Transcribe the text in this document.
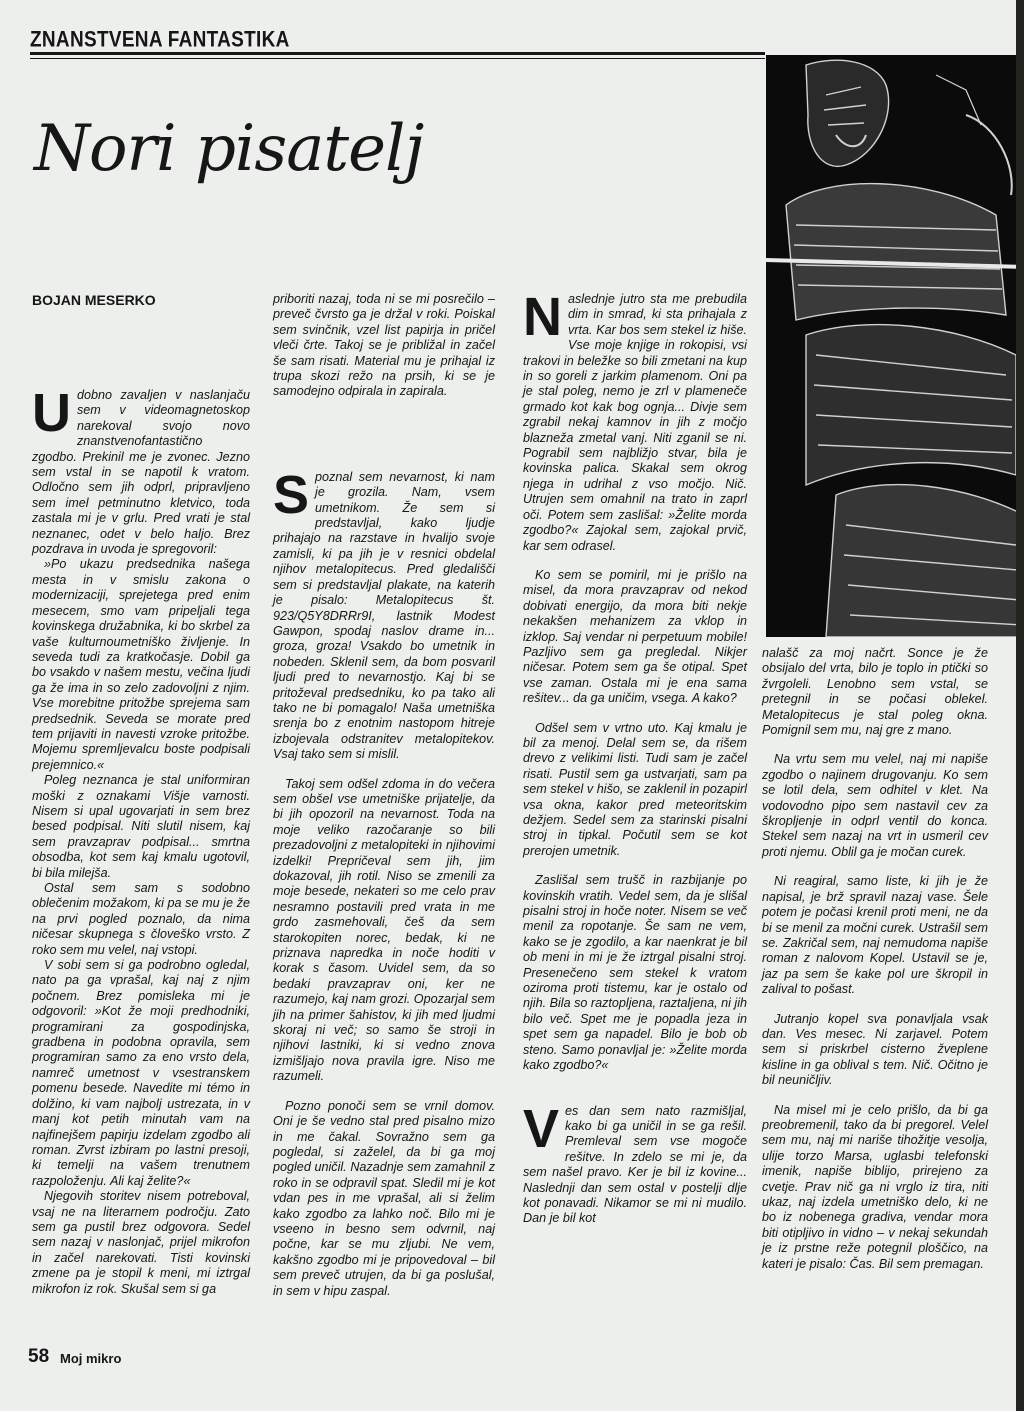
ZNANSTVENA FANTASTIKA
Nori pisatelj
BOJAN MESERKO

Udobno zavaljen v naslanjaču sem v videomagnetoskop narekoval svojo novo znanstvenofantastično zgodbo. Prekinil me je zvonec. Jezno sem vstal in se napotil k vratom. Odločno sem jih odprl, pripravljeno sem imel petminutno kletvico, toda zastala mi je v grlu. Pred vrati je stal neznanec, odet v belo haljo. Brez pozdrava in uvoda je spregovoril:

»Po ukazu predsednika našega mesta in v smislu zakona o modernizaciji, sprejetega pred enim mesecem, smo vam pripeljali tega kovinskega družabnika, ki bo skrbel za vaše kulturnoumetniško življenje. In seveda tudi za kratkočasje. Dobil ga bo vsakdo v našem mestu, večina ljudi ga že ima in so zelo zadovoljni z njim. Vse morebitne pritožbe sprejema sam predsednik. Seveda se morate pred tem prijaviti in navesti vzroke pritožbe. Mojemu spremljevalcu boste podpisali prejemnico.«

Poleg neznanca je stal uniformiran moški z oznakami Višje varnosti. Nisem si upal ugovarjati in sem brez besed podpisal. Niti slutil nisem, kaj sem pravzaprav podpisal... smrtna obsodba, kot sem kaj kmalu ugotovil, bi bila milejša.

Ostal sem sam s sodobno oblečenim možakom, ki pa se mu je že na prvi pogled poznalo, da nima ničesar skupnega s človeško vrsto. Z roko sem mu velel, naj vstopi.

V sobi sem si ga podrobno ogledal, nato pa ga vprašal, kaj naj z njim počnem. Brez pomisleka mi je odgovoril: »Kot že moji predhodniki, programirani za gospodinjska, gradbena in podobna opravila, sem programiran samo za eno vrsto dela, namreč umetnost v vsestranskem pomenu besede. Navedite mi témo in dolžino, ki vam najbolj ustrezata, in v manj kot petih minutah vam na najfinejšem papirju izdelam zgodbo ali roman. Zvrst izbiram po lastni presoji, ki temelji na vašem trenutnem razpoloženju. Ali kaj želite?«

Njegovih storitev nisem potreboval, vsaj ne na literarnem področju. Zato sem ga pustil brez odgovora. Sedel sem nazaj v naslonjač, prijel mikrofon in začel narekovati. Tisti kovinski zmene pa je stopil k meni, mi iztrgal mikrofon iz rok. Skušal sem si ga

priboriti nazaj, toda ni se mi posrečilo – preveč čvrsto ga je držal v roki. Poiskal sem svinčnik, vzel list papirja in pričel vleči črte. Takoj se je približal in začel še sam risati. Material mu je prihajal iz trupa skozi režo na prsih, ki se je samodejno odpirala in zapirala.

Spoznal sem nevarnost, ki nam je grozila. Nam, vsem umetnikom. Že sem si predstavljal, kako ljudje prihajajo na razstave in hvalijo svoje zamisli, ki pa jih je v resnici obdelal njihov metalopitecus. Pred gledališči sem si predstavljal plakate, na katerih je pisalo: Metalopitecus št. 923/Q5Y8DRRr9I, lastnik Modest Gawpon, spodaj naslov drame in... groza, groza! Vsakdo bo umetnik in nobeden. Sklenil sem, da bom posvaril ljudi pred to nevarnostjo. Kaj bi se pritoževal predsedniku, ko pa tako ali tako ne bi pomagalo! Naša umetniška srenja bo z enotnim nastopom hitreje izbojevala odstranitev metalopitekov. Vsaj tako sem si mislil.

Takoj sem odšel zdoma in do večera sem obšel vse umetniške prijatelje, da bi jih opozoril na nevarnost. Toda na moje veliko razočaranje so bili prezadovoljni z metalopiteki in njihovimi izdelki! Prepričeval sem jih, jim dokazoval, jih rotil. Niso se zmenili za moje besede, nekateri so me celo prav nesramno postavili pred vrata in me grdo zasmehovali, češ da sem starokopiten norec, bedak, ki ne priznava napredka in noče hoditi v korak s časom. Uvidel sem, da so bedaki pravzaprav oni, ker ne razumejo, kaj nam grozi. Opozarjal sem jih na primer šahistov, ki jih med ljudmi skoraj ni več; so samo še stroji in njihovi lastniki, ki si vedno znova izmišljajo nova pravila igre. Niso me razumeli.

Pozno ponoči sem se vrnil domov. Oni je še vedno stal pred pisalno mizo in me čakal. Sovražno sem ga pogledal, si zaželel, da bi ga moj pogled uničil. Nazadnje sem zamahnil z roko in se odpravil spat. Sledil mi je kot vdan pes in me vprašal, ali si želim kako zgodbo za lahko noč. Bilo mi je vseeno in besno sem odvrnil, naj počne, kar se mu zljubi. Ne vem, kakšno zgodbo mi je pripovedoval – bil sem preveč utrujen, da bi ga poslušal, in sem v hipu zaspal.

Naslednje jutro sta me prebudila dim in smrad, ki sta prihajala z vrta. Kar bos sem stekel iz hiše. Vse moje knjige in rokopisi, vsi trakovi in beležke so bili zmetani na kup in so goreli z jarkim plamenom. Oni pa je stal poleg, nemo je zrl v plameneče grmado kot kak bog ognja... Divje sem zgrabil nekaj kamnov in jih z močjo blazneža zmetal vanj. Niti zganil se ni. Pograbil sem najbližjo stvar, bila je kovinska palica. Skakal sem okrog njega in udrihal z vso močjo. Nič. Utrujen sem omahnil na trato in zaprl oči. Potem sem zaslišal: »Želite morda zgodbo?« Zajokal sem, zajokal prvič, kar sem odrasel.

Ko sem se pomiril, mi je prišlo na misel, da mora pravzaprav od nekod dobivati energijo, da mora biti nekje nekakšen mehanizem za vklop in izklop. Saj vendar ni perpetuum mobile! Pazljivo sem ga pregledal. Nikjer ničesar. Potem sem ga še otipal. Spet vse zaman. Ostala mi je ena sama rešitev... da ga uničim, vsega. A kako?

Odšel sem v vrtno uto. Kaj kmalu je bil za menoj. Delal sem se, da rišem drevo z velikimi listi. Tudi sam je začel risati. Pustil sem ga ustvarjati, sam pa sem stekel v hišo, se zaklenil in pozapirl vsa okna, kakor pred meteoritskim dežjem. Sedel sem za starinski pisalni stroj in tipkal. Počutil sem se kot prerojen umetnik.

Zaslišal sem trušč in razbijanje po kovinskih vratih. Vedel sem, da je slišal pisalni stroj in hoče noter. Nisem se več menil za ropotanje. Še sam ne vem, kako se je zgodilo, a kar naenkrat je bil ob meni in mi je že iztrgal pisalni stroj. Presenečeno sem stekel k vratom oziroma proti tistemu, kar je ostalo od njih. Bila so raztopljena, raztaljena, ni jih bilo več. Spet me je popadla jeza in spet sem ga napadel. Bilo je bob ob steno. Samo ponavljal je: »Želite morda kako zgodbo?«

Ves dan sem nato razmišljal, kako bi ga uničil in se ga rešil. Premleval sem vse mogoče rešitve. In zdelo se mi je, da sem našel pravo. Ker je bil iz kovine... Naslednji dan sem ostal v postelji dlje kot ponavadi. Nikamor se mi ni mudilo. Dan je bil kot

nalašč za moj načrt. Sonce je že obsijalo del vrta, bilo je toplo in ptički so žvrgoleli. Lenobno sem vstal, se pretegnil in se počasi oblekel. Metalopitecus je stal poleg okna. Pomignil sem mu, naj gre z mano.

Na vrtu sem mu velel, naj mi napiše zgodbo o najinem drugovanju. Ko sem se lotil dela, sem odhitel v klet. Na vodovodno pipo sem nastavil cev za škropljenje in odprl ventil do konca. Stekel sem nazaj na vrt in usmeril cev proti njemu. Oblil ga je močan curek.

Ni reagiral, samo liste, ki jih je že napisal, je brž spravil nazaj vase. Šele potem je počasi krenil proti meni, ne da bi se menil za močni curek. Ustrašil sem se. Zakričal sem, naj nemudoma napiše roman z nalovom Kopel. Ustavil se je, jaz pa sem še kake pol ure škropil in zalival to pošast.

Jutranjo kopel sva ponavljala vsak dan. Ves mesec. Ni zarjavel. Potem sem si priskrbel cisterno žveplene kisline in ga oblival s tem. Nič. Očitno je bil neuničljiv.

Na misel mi je celo prišlo, da bi ga preobremenil, tako da bi pregorel. Velel sem mu, naj mi nariše tihožitje vesolja, ulije torzo Marsa, uglasbi telefonski imenik, napiše biblijo, prirejeno za cvetje. Prav nič ga ni vrglo iz tira, niti ukaz, naj izdela umetniško delo, ki ne bo iz nobenega gradiva, vendar mora biti otipljivo in vidno – v nekaj sekundah je iz prstne reže potegnil ploščico, na kateri je pisalo: Čas. Bil sem premagan.

58 Moj mikro
